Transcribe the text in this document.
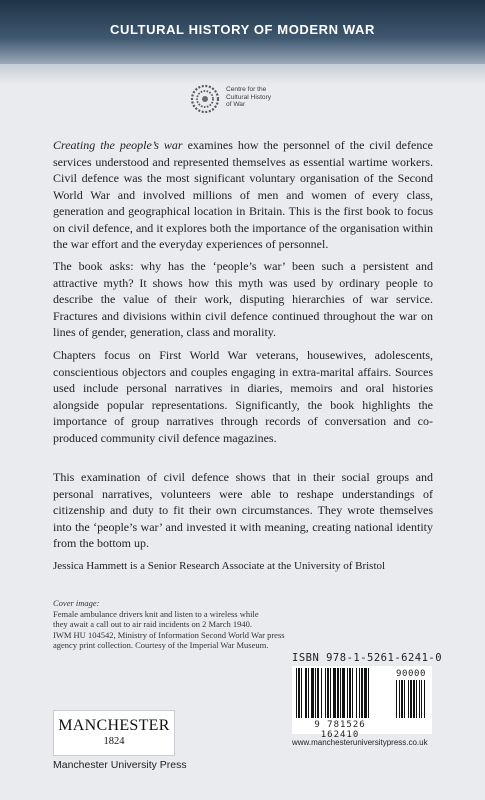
CULTURAL HISTORY OF MODERN WAR
Centre for the
Cultural History
of War

Creating the people’s war examines how the personnel of the civil defence services understood and represented themselves as essential wartime workers. Civil defence was the most significant voluntary organisation of the Second World War and involved millions of men and women of every class, generation and geographical location in Britain. This is the first book to focus on civil defence, and it explores both the importance of the organisation within the war effort and the everyday experiences of personnel.

The book asks: why has the ‘people’s war’ been such a persistent and attractive myth? It shows how this myth was used by ordinary people to describe the value of their work, disputing hierarchies of war service. Fractures and divisions within civil defence continued throughout the war on lines of gender, generation, class and morality.

Chapters focus on First World War veterans, housewives, adolescents, conscientious objectors and couples engaging in extra-marital affairs. Sources used include personal narratives in diaries, memoirs and oral histories alongside popular representations. Significantly, the book highlights the importance of group narratives through records of conversation and co-produced community civil defence magazines.

This examination of civil defence shows that in their social groups and personal narratives, volunteers were able to reshape understandings of citizenship and duty to fit their own circumstances. They wrote themselves into the ‘people’s war’ and invested it with meaning, creating national identity from the bottom up.

Jessica Hammett is a Senior Research Associate at the University of Bristol
Cover image:
Female ambulance drivers knit and listen to a wireless while
they await a call out to air raid incidents on 2 March 1940.
IWM HU 104542, Ministry of Information Second World War press
agency print collection. Courtesy of the Imperial War Museum.
ISBN 978-1-5261-6241-0
9 781526 162410
90000
www.manchesteruniversitypress.co.uk
MANCHESTER
1824
Manchester University Press
